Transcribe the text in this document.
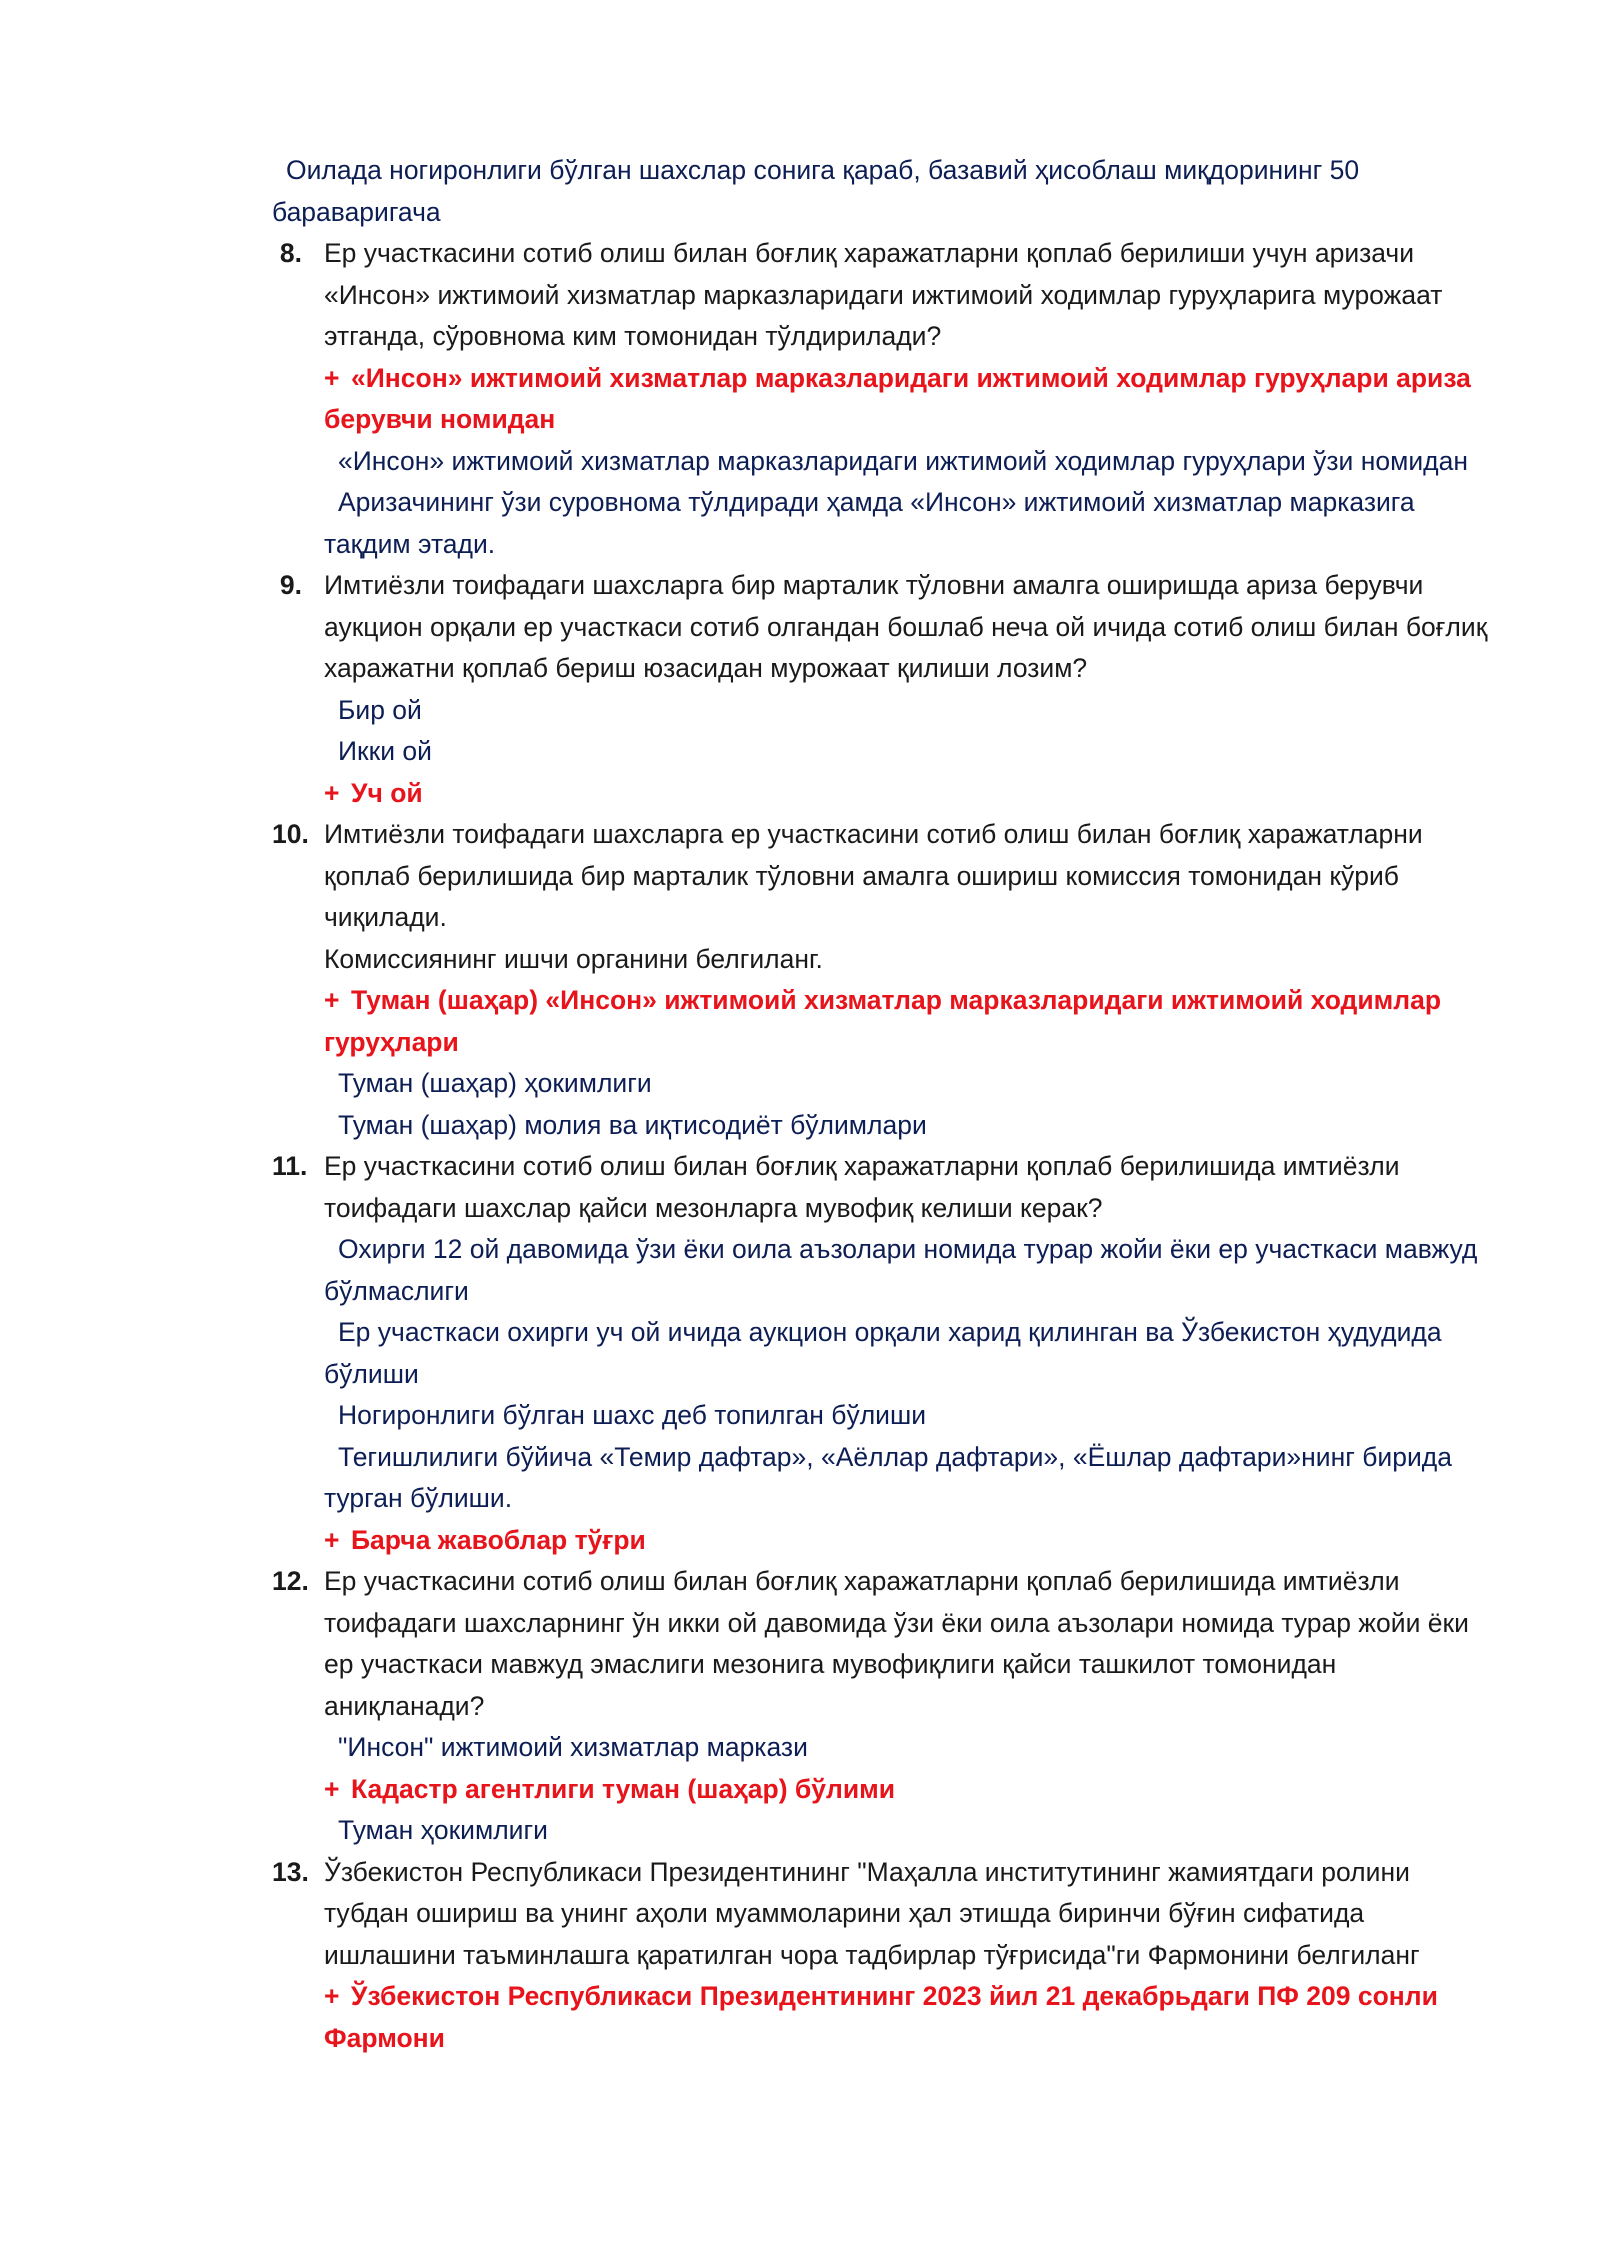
Оилада ногиронлиги бўлган шахслар сонига қараб, базавий ҳисоблаш миқдорининг 50 бараваригача
8. Ер участкасини сотиб олиш билан боғлиқ харажатларни қоплаб берилиши учун аризачи «Инсон» ижтимоий хизматлар марказларидаги ижтимоий ходимлар гуруҳларига мурожаат этганда, сўровнома ким томонидан тўлдирилади?
+ «Инсон» ижтимоий хизматлар марказларидаги ижтимоий ходимлар гуруҳлари ариза берувчи номидан
«Инсон» ижтимоий хизматлар марказларидаги ижтимоий ходимлар гуруҳлари ўзи номидан
Аризачининг ўзи суровнома тўлдиради ҳамда «Инсон» ижтимоий хизматлар марказига тақдим этади.
9. Имтиёзли тоифадаги шахсларга бир марталик тўловни амалга оширишда ариза берувчи аукцион орқали ер участкаси сотиб олгандан бошлаб неча ой ичида сотиб олиш билан боғлиқ харажатни қоплаб бериш юзасидан мурожаат қилиши лозим?
Бир ой
Икки ой
+ Уч ой
10. Имтиёзли тоифадаги шахсларга ер участкасини сотиб олиш билан боғлиқ харажатларни қоплаб берилишида бир марталик тўловни амалга ошириш комиссия томонидан кўриб чиқилади.
Комиссиянинг ишчи органини белгиланг.
+ Туман (шаҳар) «Инсон» ижтимоий хизматлар марказларидаги ижтимоий ходимлар гуруҳлари
Туман (шаҳар) ҳокимлиги
Туман (шаҳар) молия ва иқтисодиёт бўлимлари
11. Ер участкасини сотиб олиш билан боғлиқ харажатларни қоплаб берилишида имтиёзли тоифадаги шахслар қайси мезонларга мувофиқ келиши керак?
Охирги 12 ой давомида ўзи ёки оила аъзолари номида турар жойи ёки ер участкаси мавжуд бўлмаслиги
Ер участкаси охирги уч ой ичида аукцион орқали харид қилинган ва Ўзбекистон ҳудудида бўлиши
Ногиронлиги бўлган шахс деб топилган бўлиши
Тегишлилиги бўйича «Темир дафтар», «Аёллар дафтари», «Ёшлар дафтари»нинг бирида турган бўлиши.
+ Барча жавоблар тўғри
12. Ер участкасини сотиб олиш билан боғлиқ харажатларни қоплаб берилишида имтиёзли тоифадаги шахсларнинг ўн икки ой давомида ўзи ёки оила аъзолари номида турар жойи ёки ер участкаси мавжуд эмаслиги мезонига мувофиқлиги қайси ташкилот томонидан аниқланади?
"Инсон" ижтимоий хизматлар маркази
+ Кадастр агентлиги туман (шаҳар) бўлими
Туман ҳокимлиги
13. Ўзбекистон Республикаси Президентининг "Маҳалла институтининг жамиятдаги ролини тубдан ошириш ва унинг аҳоли муаммоларини ҳал этишда биринчи бўғин сифатида ишлашини таъминлашга қаратилган чора тадбирлар тўғрисида"ги Фармонини белгиланг
+ Ўзбекистон Республикаси Президентининг 2023 йил 21 декабрьдаги ПФ 209 сонли Фармони
